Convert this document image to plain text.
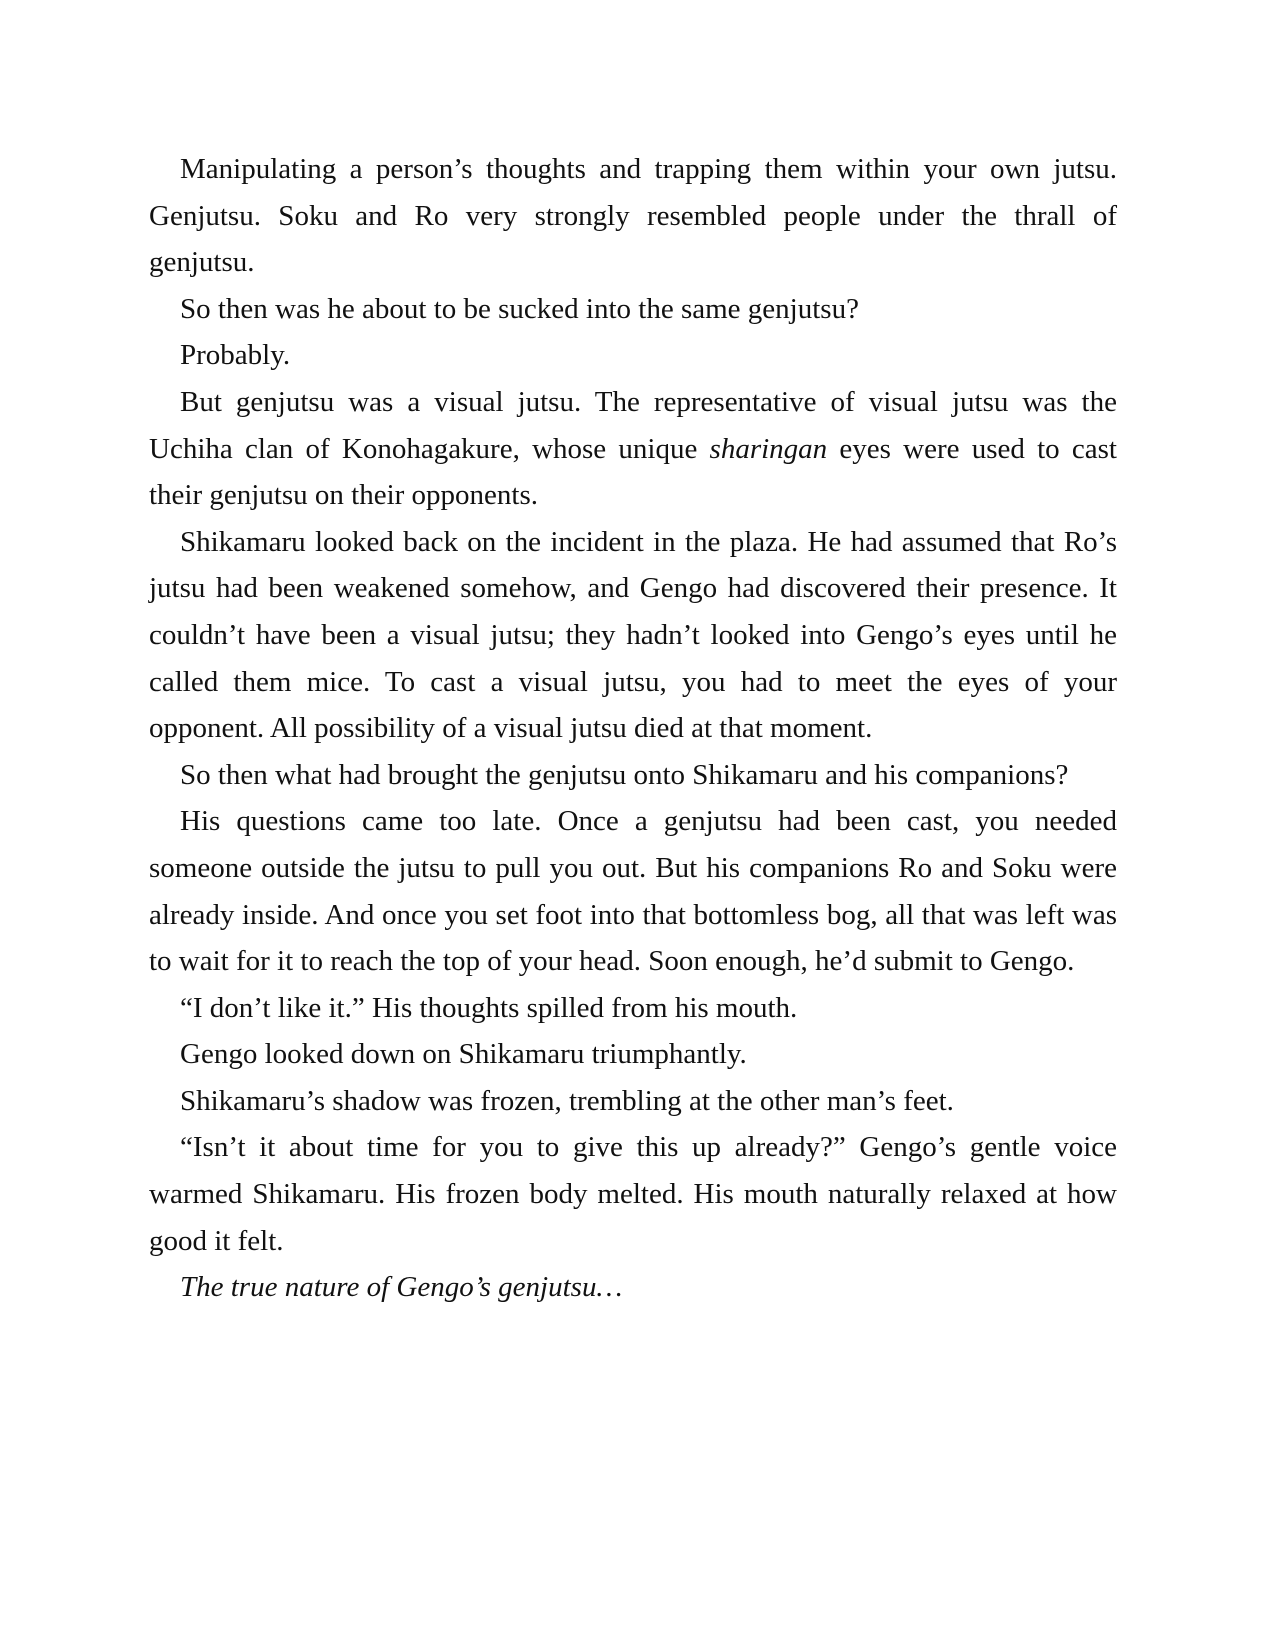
Manipulating a person’s thoughts and trapping them within your own jutsu. Genjutsu. Soku and Ro very strongly resembled people under the thrall of genjutsu.

So then was he about to be sucked into the same genjutsu?

Probably.

But genjutsu was a visual jutsu. The representative of visual jutsu was the Uchiha clan of Konohagakure, whose unique sharingan eyes were used to cast their genjutsu on their opponents.

Shikamaru looked back on the incident in the plaza. He had assumed that Ro’s jutsu had been weakened somehow, and Gengo had discovered their presence. It couldn’t have been a visual jutsu; they hadn’t looked into Gengo’s eyes until he called them mice. To cast a visual jutsu, you had to meet the eyes of your opponent. All possibility of a visual jutsu died at that moment.

So then what had brought the genjutsu onto Shikamaru and his companions?

His questions came too late. Once a genjutsu had been cast, you needed someone outside the jutsu to pull you out. But his companions Ro and Soku were already inside. And once you set foot into that bottomless bog, all that was left was to wait for it to reach the top of your head. Soon enough, he’d submit to Gengo.

“I don’t like it.” His thoughts spilled from his mouth.

Gengo looked down on Shikamaru triumphantly.

Shikamaru’s shadow was frozen, trembling at the other man’s feet.

“Isn’t it about time for you to give this up already?” Gengo’s gentle voice warmed Shikamaru. His frozen body melted. His mouth naturally relaxed at how good it felt.

The true nature of Gengo’s genjutsu…
